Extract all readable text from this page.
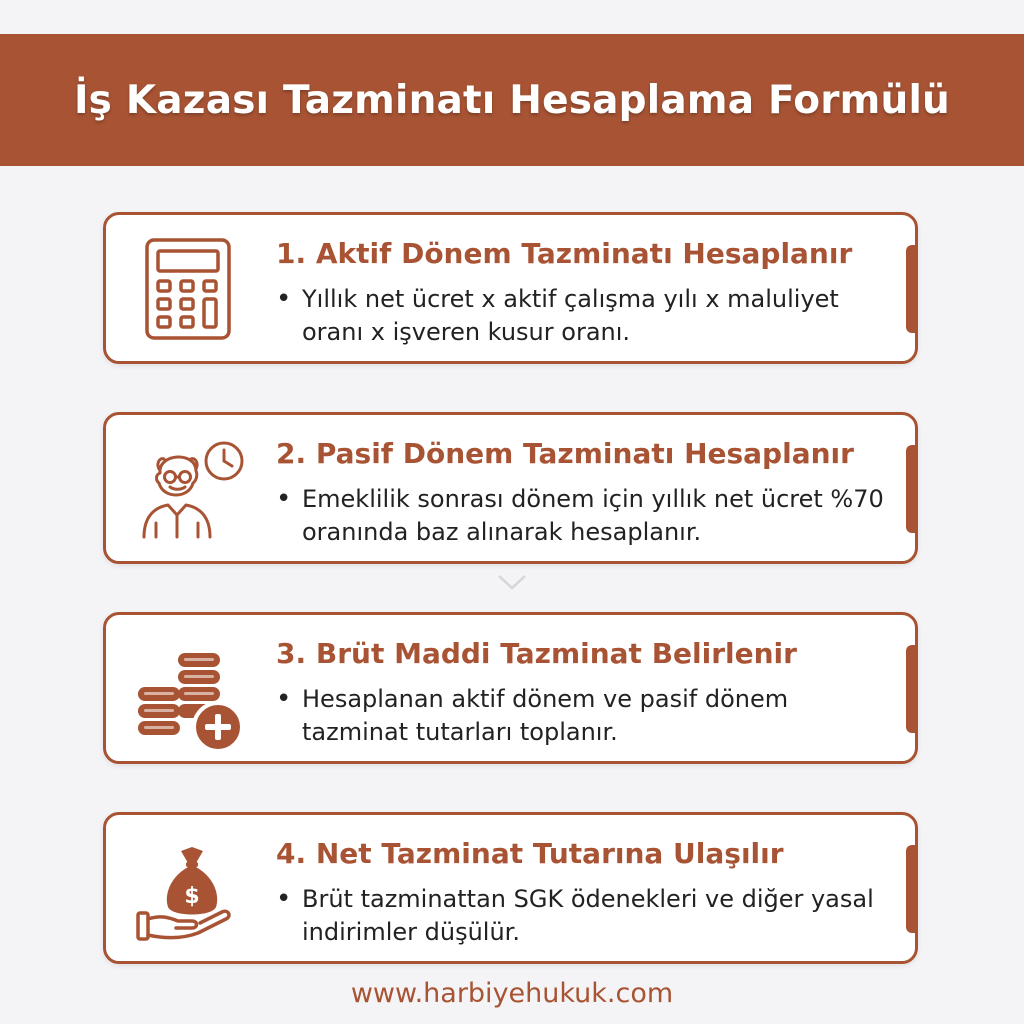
İş Kazası Tazminatı Hesaplama Formülü
1. Aktif Dönem Tazminatı Hesaplanır
• Yıllık net ücret x aktif çalışma yılı x maluliyet oranı x işveren kusur oranı.
2. Pasif Dönem Tazminatı Hesaplanır
• Emeklilik sonrası dönem için yıllık net ücret %70 oranında baz alınarak hesaplanır.
3. Brüt Maddi Tazminat Belirlenir
• Hesaplanan aktif dönem ve pasif dönem tazminat tutarları toplanır.
$
4. Net Tazminat Tutarına Ulaşılır
• Brüt tazminattan SGK ödenekleri ve diğer yasal indirimler düşülür.
www.harbiyehukuk.com
